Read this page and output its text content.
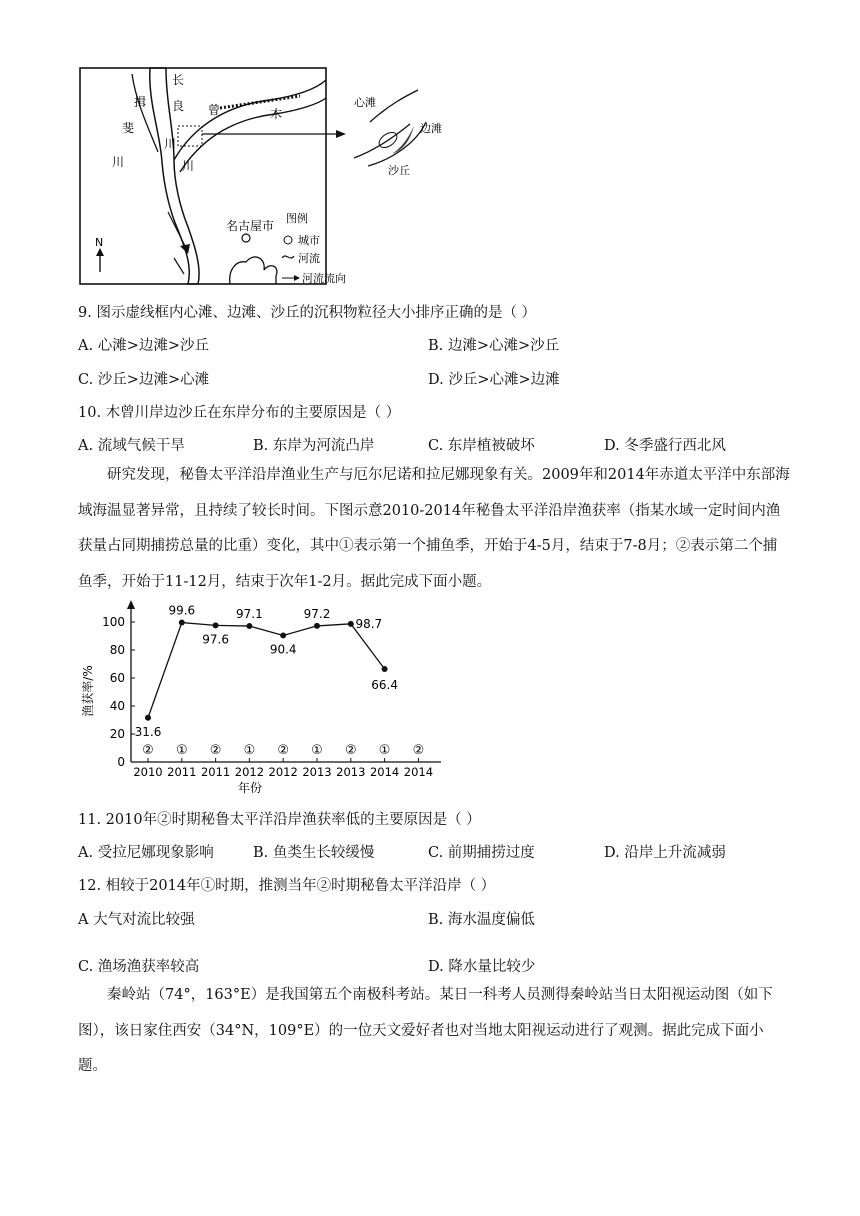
长
良
川
揖
斐
川
曾	木
川
名古屋市
N
图例
城市
河流
河流流向
心滩
边滩
沙丘
9. 图示虚线框内心滩、边滩、沙丘的沉积物粒径大小排序正确的是（ ）
A. 心滩>边滩>沙丘	B. 边滩>心滩>沙丘
C. 沙丘>边滩>心滩	D. 沙丘>心滩>边滩
10. 木曾川岸边沙丘在东岸分布的主要原因是（ ）
A. 流域气候干旱	B. 东岸为河流凸岸	C. 东岸植被破坏	D. 冬季盛行西北风
研究发现，秘鲁太平洋沿岸渔业生产与厄尔尼诺和拉尼娜现象有关。2009年和2014年赤道太平洋中东部海域海温显著异常，且持续了较长时间。下图示意2010-2014年秘鲁太平洋沿岸渔获率（指某水域一定时间内渔获量占同期捕捞总量的比重）变化，其中①表示第一个捕鱼季，开始于4-5月，结束于7-8月；②表示第二个捕鱼季，开始于11-12月，结束于次年1-2月。据此完成下面小题。
0
20
40
60
80
100
2010
②
2011
①
2011
②
2012
①
2012
②
2013
①
2013
②
2014
①
2014
②
渔获率/%
年份
31.6
99.6
97.6
97.1
90.4
97.2
98.7
66.4
11. 2010年②时期秘鲁太平洋沿岸渔获率低的主要原因是（ ）
A. 受拉尼娜现象影响	B. 鱼类生长较缓慢	C. 前期捕捞过度	D. 沿岸上升流减弱
12. 相较于2014年①时期，推测当年②时期秘鲁太平洋沿岸（ ）
A 大气对流比较强	B. 海水温度偏低
C. 渔场渔获率较高	D. 降水量比较少
秦岭站（74°，163°E）是我国第五个南极科考站。某日一科考人员测得秦岭站当日太阳视运动图（如下图），该日家住西安（34°N，109°E）的一位天文爱好者也对当地太阳视运动进行了观测。据此完成下面小题。
